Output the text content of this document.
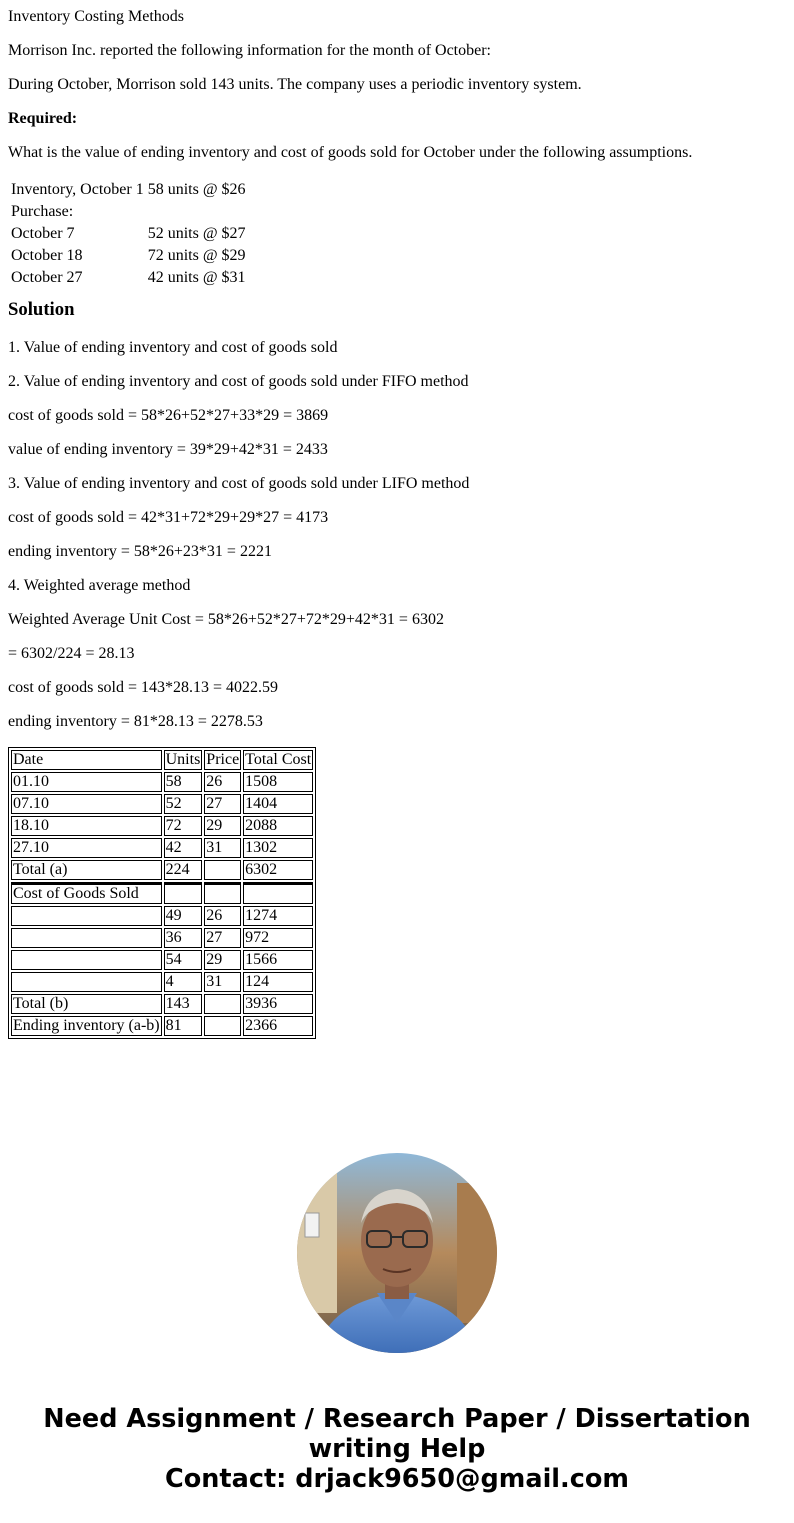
Inventory Costing Methods

Morrison Inc. reported the following information for the month of October:

During October, Morrison sold 143 units. The company uses a periodic inventory system.

Required:

What is the value of ending inventory and cost of goods sold for October under the following assumptions.

Inventory, October 1	58 units @ $26
Purchase:	
October 7	52 units @ $27
October 18	72 units @ $29
October 27	42 units @ $31
Solution

1. Value of ending inventory and cost of goods sold

2. Value of ending inventory and cost of goods sold under FIFO method

cost of goods sold = 58*26+52*27+33*29 = 3869

value of ending inventory = 39*29+42*31 = 2433

3. Value of ending inventory and cost of goods sold under LIFO method

cost of goods sold = 42*31+72*29+29*27 = 4173

ending inventory = 58*26+23*31 = 2221

4. Weighted average method

Weighted Average Unit Cost = 58*26+52*27+72*29+42*31 = 6302

= 6302/224 = 28.13

cost of goods sold = 143*28.13 = 4022.59

ending inventory = 81*28.13 = 2278.53

Date	Units	Price	Total Cost
01.10	58	26	1508
07.10	52	27	1404
18.10	72	29	2088
27.10	42	31	1302
Total (a)	224		6302
Cost of Goods Sold			
	49	26	1274
	36	27	972
	54	29	1566
	4	31	124
Total (b)	143		3936
Ending inventory (a-b)	81		2366
Need Assignment / Research Paper / Dissertation
writing Help
Contact: drjack9650@gmail.com
